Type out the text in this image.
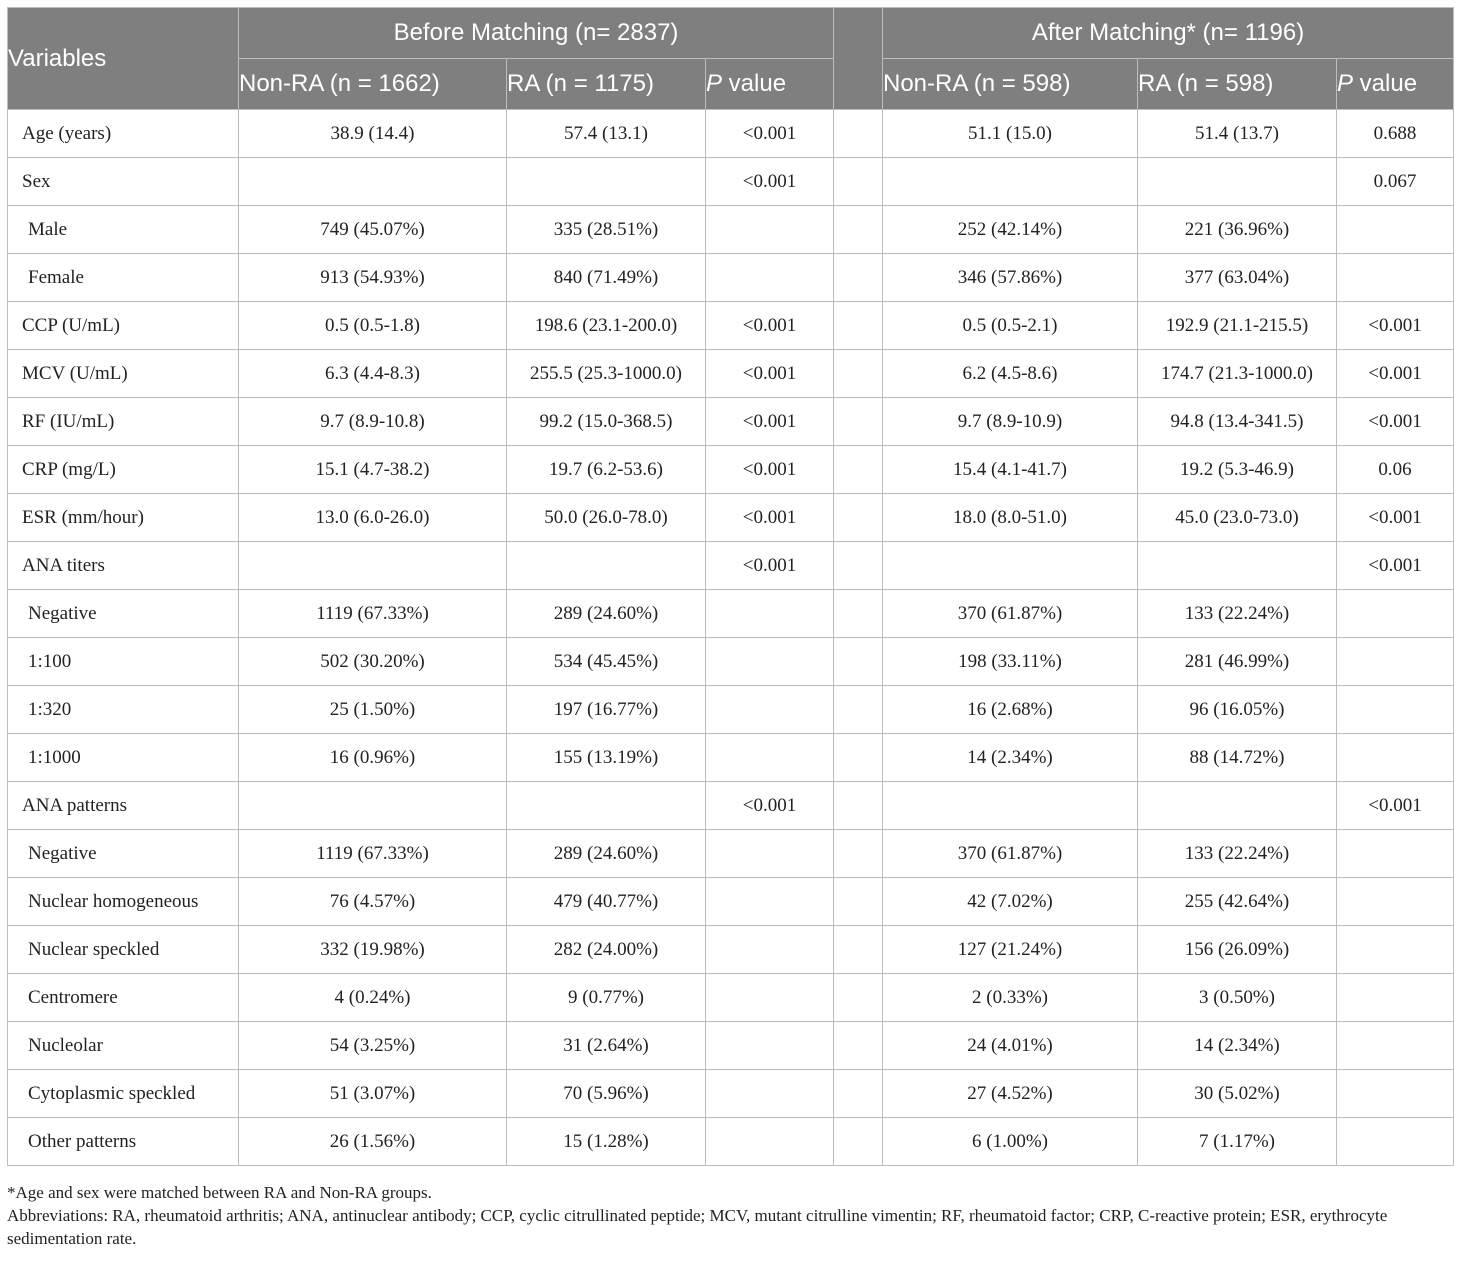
Variables	Before Matching (n= 2837)				After Matching* (n= 1196)		
	Non-RA (n = 1662)	RA (n = 1175)	P value		Non-RA (n = 598)	RA (n = 598)	P value
Age (years)	38.9 (14.4)	57.4 (13.1)	<0.001		51.1 (15.0)	51.4 (13.7)	0.688
Sex			<0.001				0.067
Male	749 (45.07%)	335 (28.51%)			252 (42.14%)	221 (36.96%)	
Female	913 (54.93%)	840 (71.49%)			346 (57.86%)	377 (63.04%)	
CCP (U/mL)	0.5 (0.5-1.8)	198.6 (23.1-200.0)	<0.001		0.5 (0.5-2.1)	192.9 (21.1-215.5)	<0.001
MCV (U/mL)	6.3 (4.4-8.3)	255.5 (25.3-1000.0)	<0.001		6.2 (4.5-8.6)	174.7 (21.3-1000.0)	<0.001
RF (IU/mL)	9.7 (8.9-10.8)	99.2 (15.0-368.5)	<0.001		9.7 (8.9-10.9)	94.8 (13.4-341.5)	<0.001
CRP (mg/L)	15.1 (4.7-38.2)	19.7 (6.2-53.6)	<0.001		15.4 (4.1-41.7)	19.2 (5.3-46.9)	0.06
ESR (mm/hour)	13.0 (6.0-26.0)	50.0 (26.0-78.0)	<0.001		18.0 (8.0-51.0)	45.0 (23.0-73.0)	<0.001
ANA titers			<0.001				<0.001
Negative	1119 (67.33%)	289 (24.60%)			370 (61.87%)	133 (22.24%)	
1:100	502 (30.20%)	534 (45.45%)			198 (33.11%)	281 (46.99%)	
1:320	25 (1.50%)	197 (16.77%)			16 (2.68%)	96 (16.05%)	
1:1000	16 (0.96%)	155 (13.19%)			14 (2.34%)	88 (14.72%)	
ANA patterns			<0.001				<0.001
Negative	1119 (67.33%)	289 (24.60%)			370 (61.87%)	133 (22.24%)	
Nuclear homogeneous	76 (4.57%)	479 (40.77%)			42 (7.02%)	255 (42.64%)	
Nuclear speckled	332 (19.98%)	282 (24.00%)			127 (21.24%)	156 (26.09%)	
Centromere	4 (0.24%)	9 (0.77%)			2 (0.33%)	3 (0.50%)	
Nucleolar	54 (3.25%)	31 (2.64%)			24 (4.01%)	14 (2.34%)	
Cytoplasmic speckled	51 (3.07%)	70 (5.96%)			27 (4.52%)	30 (5.02%)	
Other patterns	26 (1.56%)	15 (1.28%)			6 (1.00%)	7 (1.17%)	

*Age and sex were matched between RA and Non-RA groups.

Abbreviations: RA, rheumatoid arthritis; ANA, antinuclear antibody; CCP, cyclic citrullinated peptide; MCV, mutant citrulline vimentin; RF, rheumatoid factor; CRP, C-reactive protein; ESR, erythrocyte sedimentation rate.
